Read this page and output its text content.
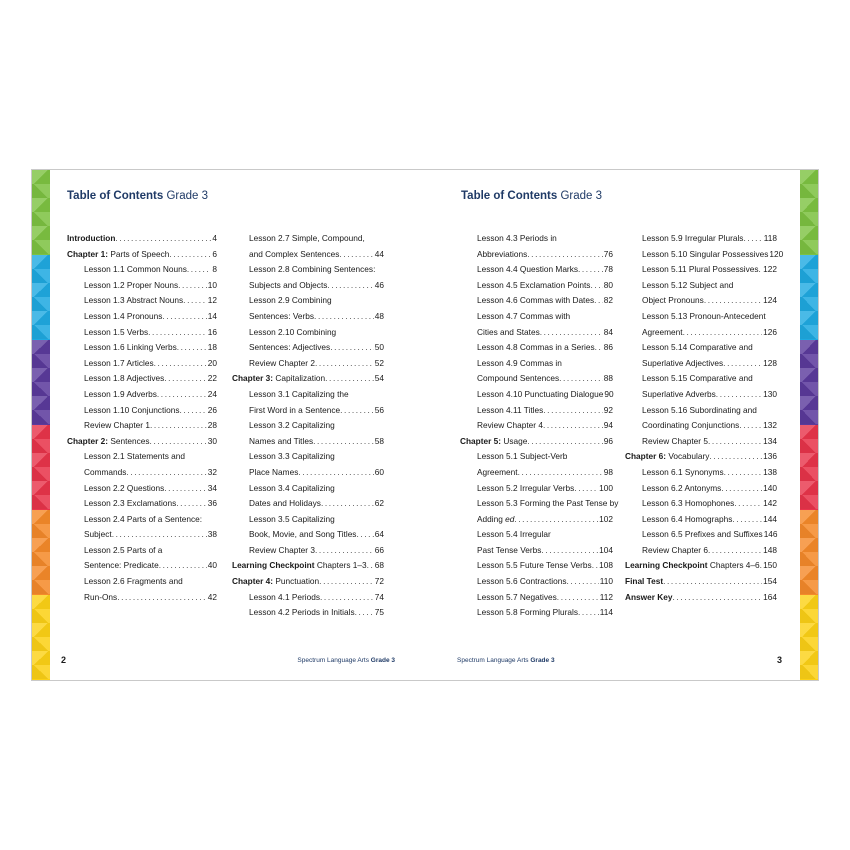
Table of Contents Grade 3
Introduction .....	4
Chapter 1: Parts of Speech .....	6
Lesson 1.1 Common Nouns .....	8
Lesson 1.2 Proper Nouns .....	10
Lesson 1.3 Abstract Nouns .....	12
Lesson 1.4 Pronouns .....	14
Lesson 1.5 Verbs .....	16
Lesson 1.6 Linking Verbs .....	18
Lesson 1.7 Articles .....	20
Lesson 1.8 Adjectives .....	22
Lesson 1.9 Adverbs .....	24
Lesson 1.10 Conjunctions .....	26
Review Chapter 1 .....	28
Chapter 2: Sentences .....	30
Lesson 2.1 Statements and
Commands .....	32
Lesson 2.2 Questions .....	34
Lesson 2.3 Exclamations .....	36
Lesson 2.4 Parts of a Sentence:
Subject .....	38
Lesson 2.5 Parts of a
Sentence: Predicate .....	40
Lesson 2.6 Fragments and
Run-Ons .....	42
Lesson 2.7 Simple, Compound,
and Complex Sentences .....	44
Lesson 2.8 Combining Sentences:
Subjects and Objects .....	46
Lesson 2.9 Combining
Sentences: Verbs .....	48
Lesson 2.10 Combining
Sentences: Adjectives .....	50
Review Chapter 2 .....	52
Chapter 3: Capitalization .....	54
Lesson 3.1 Capitalizing the
First Word in a Sentence .....	56
Lesson 3.2 Capitalizing
Names and Titles .....	58
Lesson 3.3 Capitalizing
Place Names .....	60
Lesson 3.4 Capitalizing
Dates and Holidays .....	62
Lesson 3.5 Capitalizing
Book, Movie, and Song Titles ..... 64
Review Chapter 3 .....	66
Learning Checkpoint Chapters 1–3 ..... 68
Chapter 4: Punctuation .....	72
Lesson 4.1 Periods .....	74
Lesson 4.2 Periods in Initials ..... 75
2	Spectrum Language Arts Grade 3
Table of Contents Grade 3
Lesson 4.3 Periods in
Abbreviations .....	76
Lesson 4.4 Question Marks .....	78
Lesson 4.5 Exclamation Points ..... 80
Lesson 4.6 Commas with Dates ..... 82
Lesson 4.7 Commas with
Cities and States .....	84
Lesson 4.8 Commas in a Series ..... 86
Lesson 4.9 Commas in
Compound Sentences .....	88
Lesson 4.10 Punctuating Dialogue 90
Lesson 4.11 Titles .....	92
Review Chapter 4 .....	94
Chapter 5: Usage .....	96
Lesson 5.1 Subject-Verb
Agreement .....	98
Lesson 5.2 Irregular Verbs .....	100
Lesson 5.3 Forming the Past Tense by
Adding ed .....	102
Lesson 5.4 Irregular
Past Tense Verbs .....	104
Lesson 5.5 Future Tense Verbs ..... 108
Lesson 5.6 Contractions .....	110
Lesson 5.7 Negatives .....	112
Lesson 5.8 Forming Plurals .....	114
Lesson 5.9 Irregular Plurals ..... 118
Lesson 5.10 Singular Possessives 120
Lesson 5.11 Plural Possessives ..... 122
Lesson 5.12 Subject and
Object Pronouns .....	124
Lesson 5.13 Pronoun-Antecedent
Agreement .....	126
Lesson 5.14 Comparative and
Superlative Adjectives .....	128
Lesson 5.15 Comparative and
Superlative Adverbs .....	130
Lesson 5.16 Subordinating and
Coordinating Conjunctions .....	132
Review Chapter 5 .....	134
Chapter 6: Vocabulary .....	136
Lesson 6.1 Synonyms .....	138
Lesson 6.2 Antonyms .....	140
Lesson 6.3 Homophones .....	142
Lesson 6.4 Homographs .....	144
Lesson 6.5 Prefixes and Suffixes 146
Review Chapter 6 .....	148
Learning Checkpoint Chapters 4–6 ..... 150
Final Test .....	154
Answer Key .....	164
3
Spectrum Language Arts Grade 3
